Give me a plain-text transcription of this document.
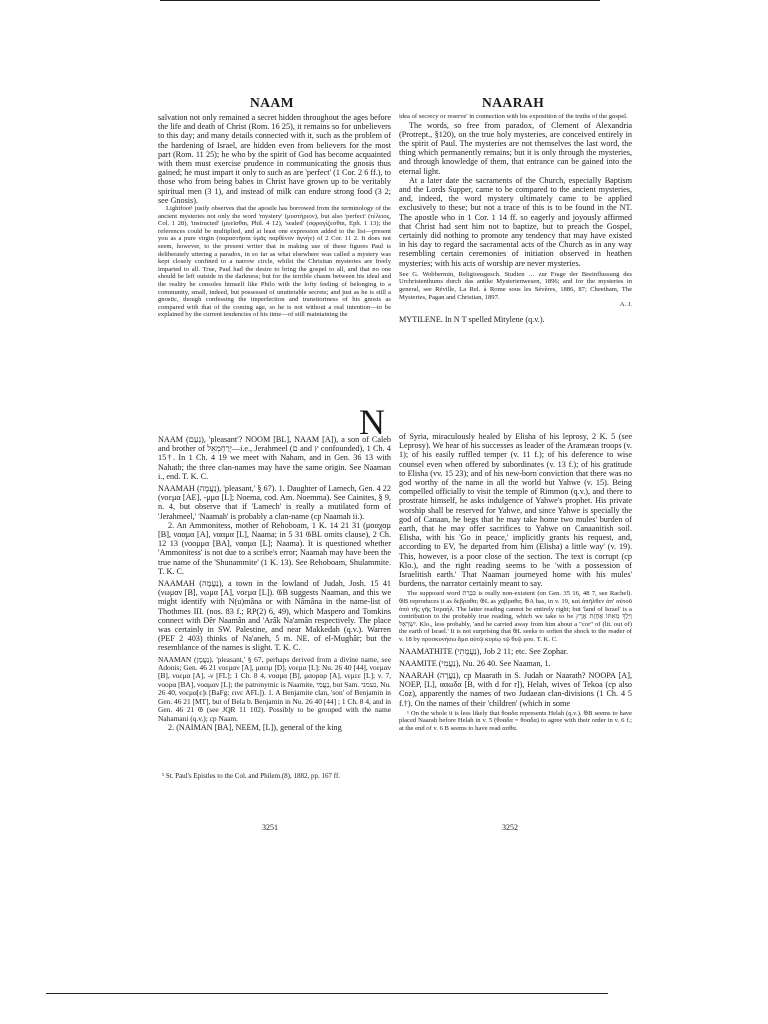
NAAM	NAARAH

salvation not only remained a secret hidden throughout the ages before the life and death of Christ (Rom. 16 25), it remains so for unbelievers to this day; and many details connected with it, such as the problem of the hardening of Israel, are hidden even from believers for the most part (Rom. 11 25); he who by the spirit of God has become acquainted with them must exercise prudence in communicating the gnosis thus gained; he must impart it only to such as are 'perfect' (1 Cor. 2 6 ff.), to those who from being babes in Christ have grown up to be veritably spiritual men (3 1), and instead of milk can endure strong food (3 2; see Gnosis).

Lightfoot¹ justly observes that the apostle has borrowed from the terminology of the ancient mysteries not only the word 'mystery' (μυστήριον), but also 'perfect' (τέλειος, Col. 1 28), 'instructed' (μυεῖσθαι, Phil. 4 12), 'sealed' (σφραγίζεσθαι, Eph. 1 13); the references could be multiplied, and at least one expression added to the list—present you as a pure virgin (παραστῆσαι ὑμᾶς παρθένον ἁγνήν) of 2 Cor. 11 2. It does not seem, however, to the present writer that in making use of these figures Paul is deliberately uttering a paradox, in so far as what elsewhere was called a mystery was kept closely confined to a narrow circle, whilst the Christian mysteries are freely imparted to all. True, Paul had the desire to bring the gospel to all, and that no one should be left outside in the darkness; but for the terrible chasm between his ideal and the reality he consoles himself like Philo with the lofty feeling of belonging to a community, small, indeed, but possessed of unutterable secrets; and just as he is still a gnostic, though confessing the imperfection and transitoriness of his gnosis as compared with that of the coming age, so he is not without a real intention—to be explained by the current tendencies of his time—of still maintaining the

idea of secrecy or reserve' in connection with his exposition of the truths of the gospel.

The words, so free from paradox, of Clement of Alexandria (Protrept., §120), on the true holy mysteries, are conceived entirely in the spirit of Paul. The mysteries are not themselves the last word, the thing which permanently remains; but it is only through the mysteries, and through knowledge of them, that entrance can be gained into the eternal light.

At a later date the sacraments of the Church, especially Baptism and the Lords Supper, came to be compared to the ancient mysteries, and, indeed, the word mystery ultimately came to be applied exclusively to these; but not a trace of this is to be found in the NT. The apostle who in 1 Cor. 1 14 ff. so eagerly and joyously affirmed that Christ had sent him not to baptize, but to preach the Gospel, certainly did nothing to promote any tendency that may have existed in his day to regard the sacramental acts of the Church as in any way resembling certain ceremonies of initiation observed in heathen mysteries; with his acts of worship are never mysteries.

See G. Wobbermin, Religionsgesch. Studien … zur Frage der Beeinflussung des Urchristenthums durch das antike Mysterienwesen, 1896; and for the mysteries in general, see Réville, La Rel. à Rome sous les Sévères, 1886, 87; Cheetham, The Mysteries, Pagan and Christian, 1897.

A. J.

MYTILENE. In N T spelled Mitylene (q.v.).

N

NAAM (נַעַם), 'pleasant'? NOOM [BL], NAAM [A]), a son of Caleb and brother of יְרַחְמְאֵל—i.e., Jerahmeel (ם and ץ confounded), 1 Ch. 4 15†. In 1 Ch. 4 19 we meet with Naham, and in Gen. 36 13 with Nahath; the three clan-names may have the same origin. See Naaman i., end. T. K. C.

NAAMAH (נַעֲמָה), 'pleasant,' § 67). 1. Daughter of Lamech, Gen. 4 22 (νοεμα [AE], -μμα [L]; Noema, cod. Am. Noemma). See Cainites, § 9, n. 4, but observe that if 'Lamech' is really a mutilated form of 'Jerahmeel,' 'Naamah' is probably a clan-name (cp Naamah ii.).

2. An Ammonitess, mother of Rehoboam, 1 K. 14 21 31 (μααχαμ [B], νααμα [A], νααμα [L], Naama; in 5 31 𝔊BL omits clause), 2 Ch. 12 13 (νοομμα [BA], νααμα [L]; Naama). It is questioned whether 'Ammonitess' is not due to a scribe's error; Naamah may have been the true name of the 'Shunammite' (1 K. 13). See Rehoboam, Shulammite. T. K. C.

NAAMAH (נַעֲמָה), a town in the lowland of Judah, Josh. 15 41 (νωμαν [B], νωμα [A], νοεμα [L]). 𝔊B suggests Naaman, and this we might identify with N(u)mâna or with Nâmâna in the name-list of Thothmes III. (nos. 83 f.; RP(2) 6, 49), which Maspero and Tomkins connect with Dêr Naamân and 'Arâk Na'amân respectively. The place was certainly in SW. Palestine, and near Makkedah (q.v.). Warren (PEF 2 403) thinks of Na'aneh, 5 m. NE. of el-Mughâr; but the resemblance of the names is slight. T. K. C.

NAAMAN (נַעֲמָן), 'pleasant,' § 67, perhaps derived from a divine name, see Adonis; Gen. 46 21 νοεμαν [A], μαειμ [D], νοεμα [L]; Nu. 26 40 [44], νοεμαν [B], νοεμα [A], -ν [FL]; 1 Ch. 8 4, νοαμα [B], μαοραρ [A], νεμεε [L]; v. 7, νοορα [BA], νοαμαν [L]; the patronymic is Naamite, נַעֲמִי, but Sam. נעמני, Nu. 26 40, νοεμα[ε]ι [BaFg: εινε AFL]). 1. A Benjamite clan, 'son' of Benjamin in Gen. 46 21 [MT], but of Bela b. Benjamin in Nu. 26 40 [44] ; 1 Ch. 8 4, and in Gen. 46 21 𝔊 (see JQR 11 102). Possibly to be grouped with the name Nahamani (q.v.); cp Naam.

2. (NAIMAN [BA], NEEM, [L]), general of the king

¹ St. Paul's Epistles to the Col. and Philem.(8), 1882, pp. 167 ff.

of Syria, miraculously healed by Elisha of his leprosy, 2 K. 5 (see Leprosy). We hear of his successes as leader of the Aramæan troops (v. 1); of his easily ruffled temper (v. 11 f.); of his deference to wise counsel even when offered by subordinates (v. 13 f.); of his gratitude to Elisha (vv. 15 23); and of his new-born conviction that there was no god worthy of the name in all the world but Yahwe (v. 15). Being compelled officially to visit the temple of Rimmon (q.v.), and there to prostrate himself, he asks indulgence of Yahwe's prophet. His private worship shall be reserved for Yahwe, and since Yahwe is specially the god of Canaan, he begs that he may take home two mules' burden of earth, that he may offer sacrifices to Yahwe on Canaanitish soil. Elisha, with his 'Go in peace,' implicitly grants his request, and, according to EV, 'he departed from him (Elisha) a little way' (v. 19). This, however, is a poor close of the section. The text is corrupt (cp Klo.), and the right reading seems to be 'with a possession of Israelitish earth.' That Naaman journeyed home with his mules' burdens, the narrator certainly meant to say.

The supposed word כִּבְרַת is really non-existent (on Gen. 35 16, 48 7, see Rachel). 𝔊B reproduces it as δεβραθα; 𝔊L as χαβραθα; 𝔊A has, in v. 19, καὶ ἀπῆλθεν ἀπ' αὐτοῦ ἀπὸ τῆς γῆς Ἰσραήλ. The latter reading cannot be entirely right; but 'land of Israel' is a contribution to the probably true reading, which we take to be וַיֵּלֶךְ מֵאִתּוֹ אֲחֻזַּת אֶרֶץ יִשְׂרָאֵל. Klo., less probably, 'and he carried away from him about a "cor" of (lit. out of) the earth of Israel.' It is not surprising that 𝔊L seeks to soften the shock to the reader of v. 18 by προσκυνήσω ἅμα αὐτῷ κυρίῳ τῷ θεῷ μου. T. K. C.

NAAMATHITE (נַעֲמָתִי), Job 2 11; etc. See Zophar.

NAAMITE (נַעֲמִי), Nu. 26 40. See Naaman, 1.

NAARAH (נַעֲרָה), cp Maarath in S. Judah or Naarath? NOOPA [A], NOEP, [L], ααωδα [B, with d for r]), Helah, wives of Tekoa (cp also Coz), apparently the names of two Judaean clan-divisions (1 Ch. 4 5 f.†). On the names of their 'children' (which in some

¹ On the whole it is less likely that θοαδα represents Helah (q.v.). 𝔊B seems to have placed Naarah before Helah in v. 5 (θοαδα = θοαδα) to agree with their order in v. 6 f.; at the end of v. 6 B seems to have read ασθα.

3251	3252
